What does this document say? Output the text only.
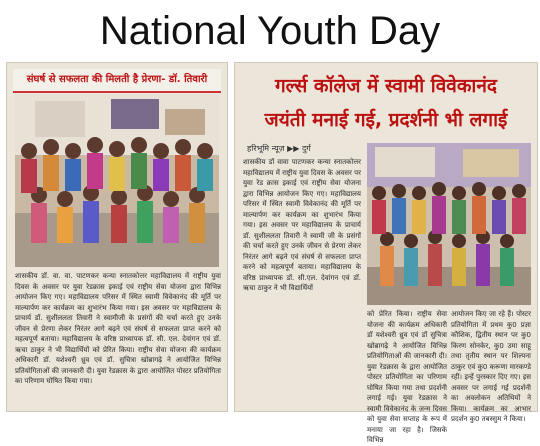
National Youth Day
संघर्ष से सफलता की मिलती है प्रेरणा- डॉ. तिवारी
शासकीय डॉ. वा. वा. पाटणकर कन्या स्नातकोत्तर महाविद्यालय में राष्ट्रीय युवा दिवस के अवसर पर युवा रेडक्रास इकाई एवं राष्ट्रीय सेवा योजना द्वारा विभिन्न आयोजन किए गए। महाविद्यालय परिसर में स्थित स्वामी विवेकानंद की मूर्ति पर माल्यार्पण कर कार्यक्रम का शुभारंभ किया गया। इस अवसर पर महाविद्यालय के प्राचार्य डॉ. सुशीललता तिवारी ने स्वामीजी के प्रसंगों की चर्चा करते हुए उनके जीवन से प्रेरणा लेकर निरंतर आगे बढ़ने एवं संघर्ष से सफलता प्राप्त करने को महत्वपूर्ण बताया। महाविद्यालय के वरिष्ठ प्राध्यापक डॉ. सी. एल. देवांगन एवं डॉ. ऋचा ठाकुर ने भी विद्यार्थियों को प्रेरित किया। राष्ट्रीय सेवा योजना की कार्यक्रम अधिकारी डॉ. यशेश्वरी ध्रुव एवं डॉ. सुचित्रा खोब्रागढ़े ने आयोजित विभिन्न प्रतियोगिताओं की जानकारी दी। युवा रेडक्रास के द्वारा आयोजित पोस्टर प्रतियोगिता का परिणाम घोषित किया गया।
गर्ल्स कॉलेज में स्वामी विवेकानंद
जयंती मनाई गई, प्रदर्शनी भी लगाई
हरिभूमि न्यूज़ ▶▶ दुर्ग
शासकीय डॉ वावा पाटणकर कन्या स्नातकोत्तर महाविद्यालय में राष्ट्रीय युवा दिवस के अवसर पर युवा रेड क्रास इकाई एवं राष्ट्रीय सेवा योजना द्वारा विभिन्न आयोजन किए गए। महाविद्यालय परिसर में स्थित स्वामी विवेकानंद की मूर्ति पर माल्यार्पण कर कार्यक्रम का शुभारंभ किया गया। इस अवसर पर महाविद्यालय के प्राचार्य डॉ. सुशीललता तिवारी ने स्वामी जी के प्रसंगों की चर्चा करते हुए उनके जीवन से प्रेरणा लेकर निरंतर आगे बढ़ने एवं संघर्ष से सफलता प्राप्त करने को महत्वपूर्ण बताया। महाविद्यालय के वरिष्ठ प्राध्यापक डॉ. सी.एल. देवांगन एवं डॉ. ऋचा ठाकुर ने भी विद्यार्थियों
को प्रेरित किया। राष्ट्रीय सेवा योजना की कार्यक्रम अधिकारी डॉ यशेश्वरी ध्रुव एवं डॉ सुचित्रा खोब्रागढ़े ने आयोजित विभिन्न प्रतियोगिताओं की जानकारी दी। युवा रेडक्रास के द्वारा आयोजित पोस्टर प्रतियोगिता का परिणाम घोषित किया गया तथा प्रदर्शनी लगाई गई। युवा रेडक्रास ने स्वामी विवेकानंद के जन्म दिवस को युवा सेवा सप्ताह के रूप में मनाया जा रहा है। जिसके विभिन्न
आयोजन किए जा रहे हैं। पोस्टर प्रतियोगिता में प्रथम कु0 प्रज्ञा कौशिक, द्वितीय स्थान पर कु0 किरण सोनकेर, कु0 उमा साहू तथा तृतीय स्थान पर शिल्पना ठाकुर एवं कु0 करूणा मारकण्डे रहीं। इन्हें पुरस्कार दिए गए। इस अवसर पर लगाई गई प्रदर्शनी का अवलोकन अतिथियों ने किया। कार्यक्रम का आभार प्रदर्शन कु0 तबस्सुम ने किया।
